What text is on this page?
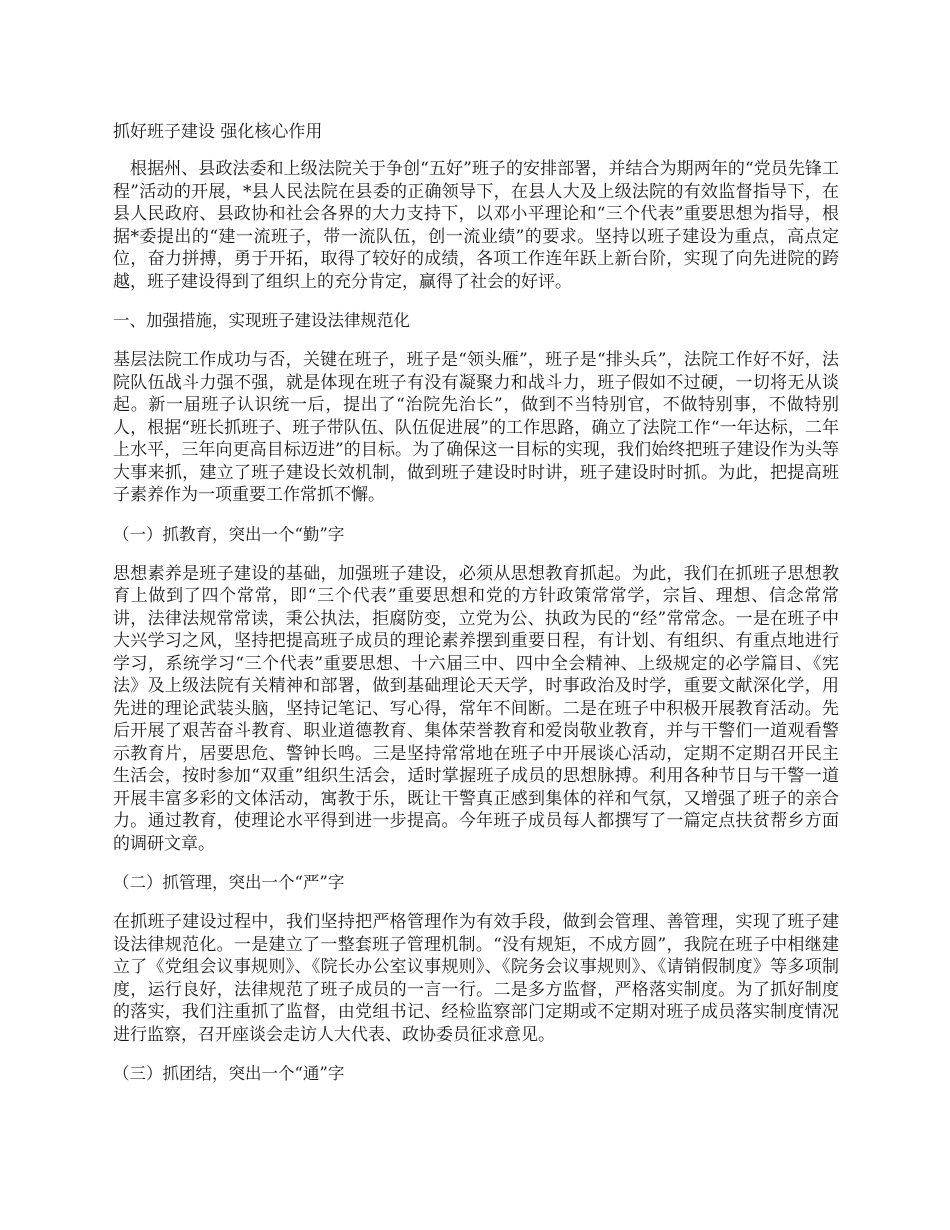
抓好班子建设 强化核心作用

根据州、县政法委和上级法院关于争创“五好”班子的安排部署，并结合为期两年的“党员先锋工程”活动的开展，*县人民法院在县委的正确领导下，在县人大及上级法院的有效监督指导下，在县人民政府、县政协和社会各界的大力支持下，以邓小平理论和“三个代表”重要思想为指导，根据*委提出的“建一流班子，带一流队伍，创一流业绩”的要求。坚持以班子建设为重点，高点定位，奋力拼搏，勇于开拓，取得了较好的成绩，各项工作连年跃上新台阶，实现了向先进院的跨越，班子建设得到了组织上的充分肯定，赢得了社会的好评。

一、加强措施，实现班子建设法律规范化

基层法院工作成功与否，关键在班子，班子是“领头雁”，班子是“排头兵”，法院工作好不好，法院队伍战斗力强不强，就是体现在班子有没有凝聚力和战斗力，班子假如不过硬，一切将无从谈起。新一届班子认识统一后，提出了“治院先治长”，做到不当特别官，不做特别事，不做特别人，根据“班长抓班子、班子带队伍、队伍促进展”的工作思路，确立了法院工作“一年达标，二年上水平，三年向更高目标迈进”的目标。为了确保这一目标的实现，我们始终把班子建设作为头等大事来抓，建立了班子建设长效机制，做到班子建设时时讲，班子建设时时抓。为此，把提高班子素养作为一项重要工作常抓不懈。

（一）抓教育，突出一个“勤”字

思想素养是班子建设的基础，加强班子建设，必须从思想教育抓起。为此，我们在抓班子思想教育上做到了四个常常，即“三个代表”重要思想和党的方针政策常常学，宗旨、理想、信念常常讲，法律法规常常读，秉公执法，拒腐防变，立党为公、执政为民的“经”常常念。一是在班子中大兴学习之风，坚持把提高班子成员的理论素养摆到重要日程，有计划、有组织、有重点地进行学习，系统学习“三个代表”重要思想、十六届三中、四中全会精神、上级规定的必学篇目、《宪法》及上级法院有关精神和部署，做到基础理论天天学，时事政治及时学，重要文献深化学，用先进的理论武装头脑，坚持记笔记、写心得，常年不间断。二是在班子中积极开展教育活动。先后开展了艰苦奋斗教育、职业道德教育、集体荣誉教育和爱岗敬业教育，并与干警们一道观看警示教育片，居要思危、警钟长鸣。三是坚持常常地在班子中开展谈心活动，定期不定期召开民主生活会，按时参加“双重”组织生活会，适时掌握班子成员的思想脉搏。利用各种节日与干警一道开展丰富多彩的文体活动，寓教于乐，既让干警真正感到集体的祥和气氛，又增强了班子的亲合力。通过教育，使理论水平得到进一步提高。今年班子成员每人都撰写了一篇定点扶贫帮乡方面的调研文章。

（二）抓管理，突出一个“严”字

在抓班子建设过程中，我们坚持把严格管理作为有效手段，做到会管理、善管理，实现了班子建设法律规范化。一是建立了一整套班子管理机制。“没有规矩，不成方圆”，我院在班子中相继建立了《党组会议事规则》、《院长办公室议事规则》、《院务会议事规则》、《请销假制度》等多项制度，运行良好，法律规范了班子成员的一言一行。二是多方监督，严格落实制度。为了抓好制度的落实，我们注重抓了监督，由党组书记、经检监察部门定期或不定期对班子成员落实制度情况进行监察，召开座谈会走访人大代表、政协委员征求意见。

（三）抓团结，突出一个“通”字
